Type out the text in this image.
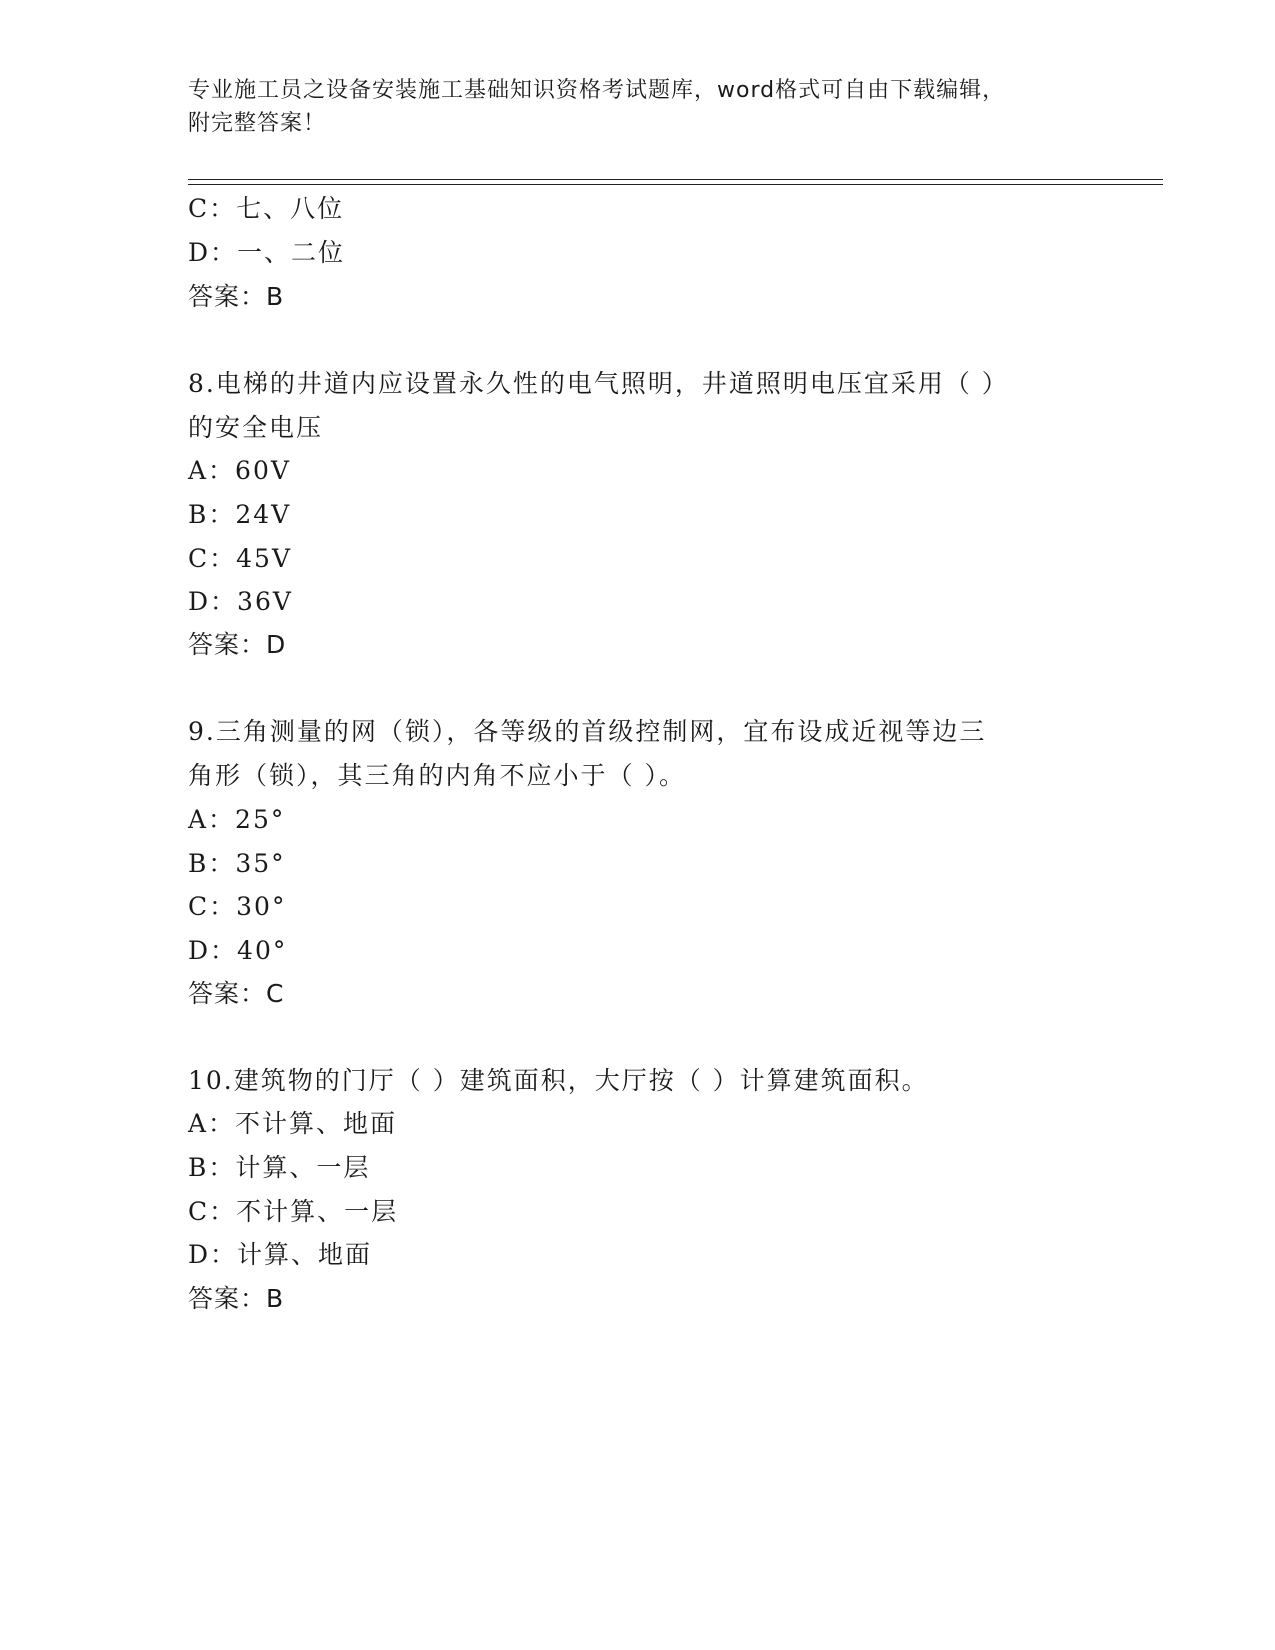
专业施工员之设备安装施工基础知识资格考试题库，word格式可自由下载编辑，
附完整答案！
C：七、八位
D：一、二位
答案：B
8.电梯的井道内应设置永久性的电气照明，井道照明电压宜采用（ ）
的安全电压
A：60V
B：24V
C：45V
D：36V
答案：D
9.三角测量的网（锁），各等级的首级控制网，宜布设成近视等边三
角形（锁），其三角的内角不应小于（ ）。
A：25°
B：35°
C：30°
D：40°
答案：C
10.建筑物的门厅（ ）建筑面积，大厅按（ ）计算建筑面积。
A：不计算、地面
B：计算、一层
C：不计算、一层
D：计算、地面
答案：B
